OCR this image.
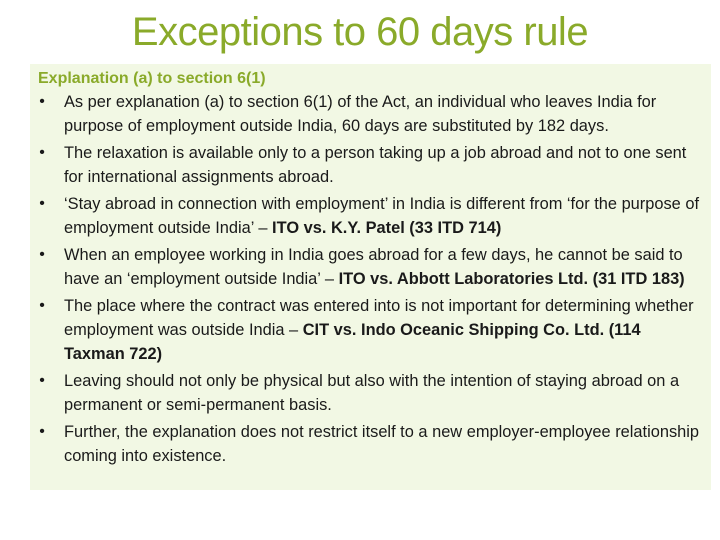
Exceptions to 60 days rule
Explanation (a) to section 6(1)
• As per explanation (a) to section 6(1) of the Act, an individual who leaves India for purpose of employment outside India, 60 days are substituted by 182 days.
• The relaxation is available only to a person taking up a job abroad and not to one sent for international assignments abroad.
• ‘Stay abroad in connection with employment’ in India is different from ‘for the purpose of employment outside India’ – ITO vs. K.Y. Patel (33 ITD 714)
• When an employee working in India goes abroad for a few days, he cannot be said to have an ‘employment outside India’ – ITO vs. Abbott Laboratories Ltd. (31 ITD 183)
• The place where the contract was entered into is not important for determining whether employment was outside India – CIT vs. Indo Oceanic Shipping Co. Ltd. (114 Taxman 722)
• Leaving should not only be physical but also with the intention of staying abroad on a permanent or semi-permanent basis.
• Further, the explanation does not restrict itself to a new employer-employee relationship coming into existence.
